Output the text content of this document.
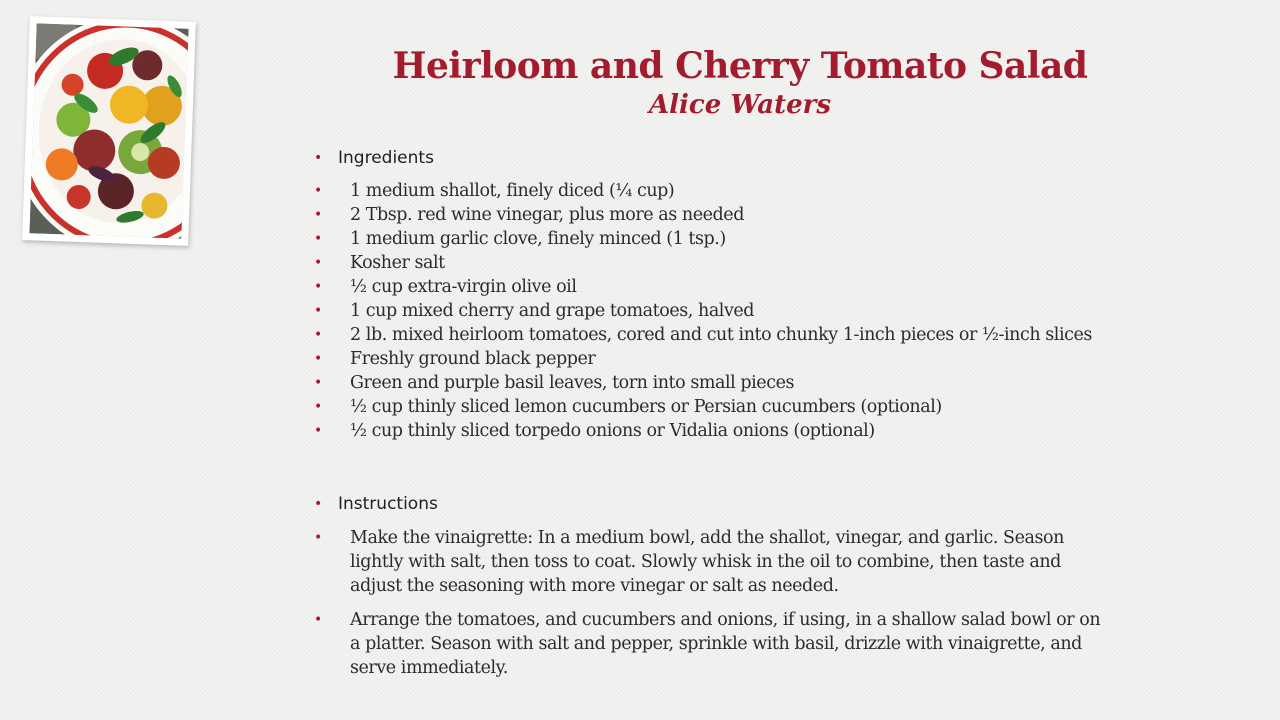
Heirloom and Cherry Tomato Salad
Alice Waters

• Ingredients

• 1 medium shallot, finely diced (¼ cup)
• 2 Tbsp. red wine vinegar, plus more as needed
• 1 medium garlic clove, finely minced (1 tsp.)
• Kosher salt
• ½ cup extra-virgin olive oil
• 1 cup mixed cherry and grape tomatoes, halved
• 2 lb. mixed heirloom tomatoes, cored and cut into chunky 1-inch pieces or ½-inch slices
• Freshly ground black pepper
• Green and purple basil leaves, torn into small pieces
• ½ cup thinly sliced lemon cucumbers or Persian cucumbers (optional)
• ½ cup thinly sliced torpedo onions or Vidalia onions (optional)

• Instructions

• Make the vinaigrette: In a medium bowl, add the shallot, vinegar, and garlic. Season lightly with salt, then toss to coat. Slowly whisk in the oil to combine, then taste and adjust the seasoning with more vinegar or salt as needed.
• Arrange the tomatoes, and cucumbers and onions, if using, in a shallow salad bowl or on a platter. Season with salt and pepper, sprinkle with basil, drizzle with vinaigrette, and serve immediately.
